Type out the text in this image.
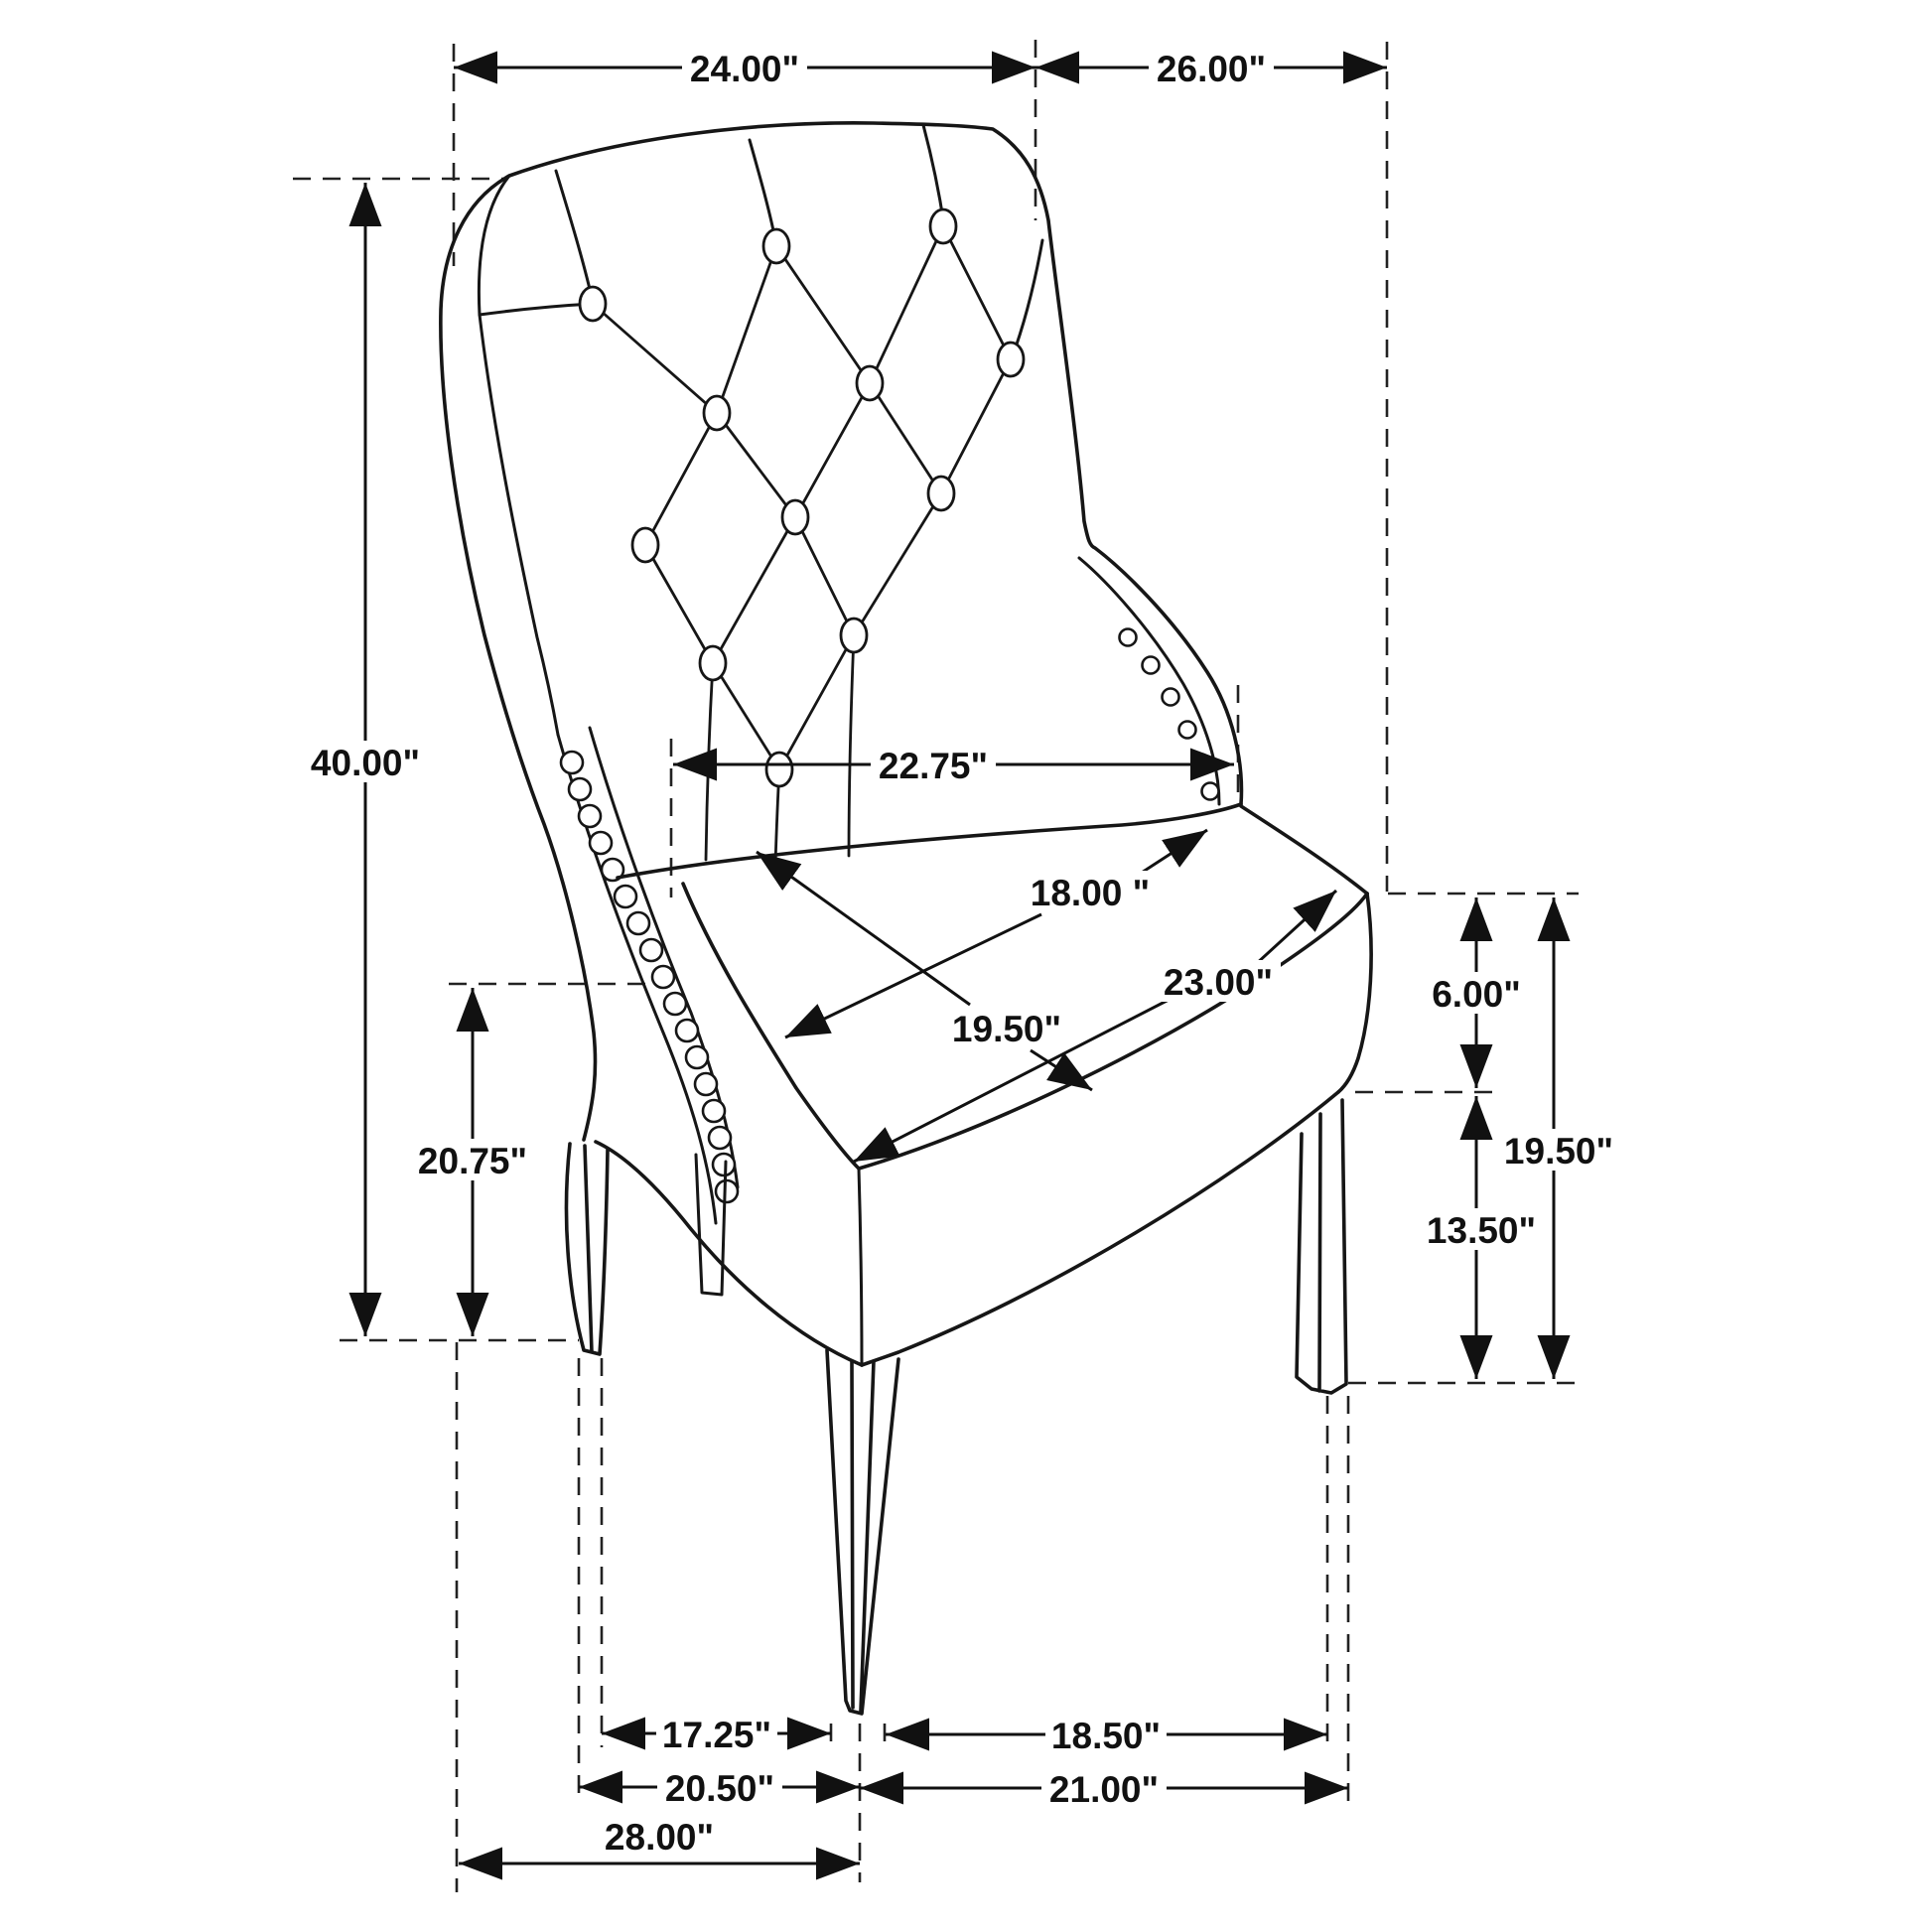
24.00"	26.00"
40.00"	22.75"
18.00 "
19.50"
23.00"
20.75"
6.00"
13.50"
19.50"
17.25"	18.50"
20.50"	21.00"
28.00"
